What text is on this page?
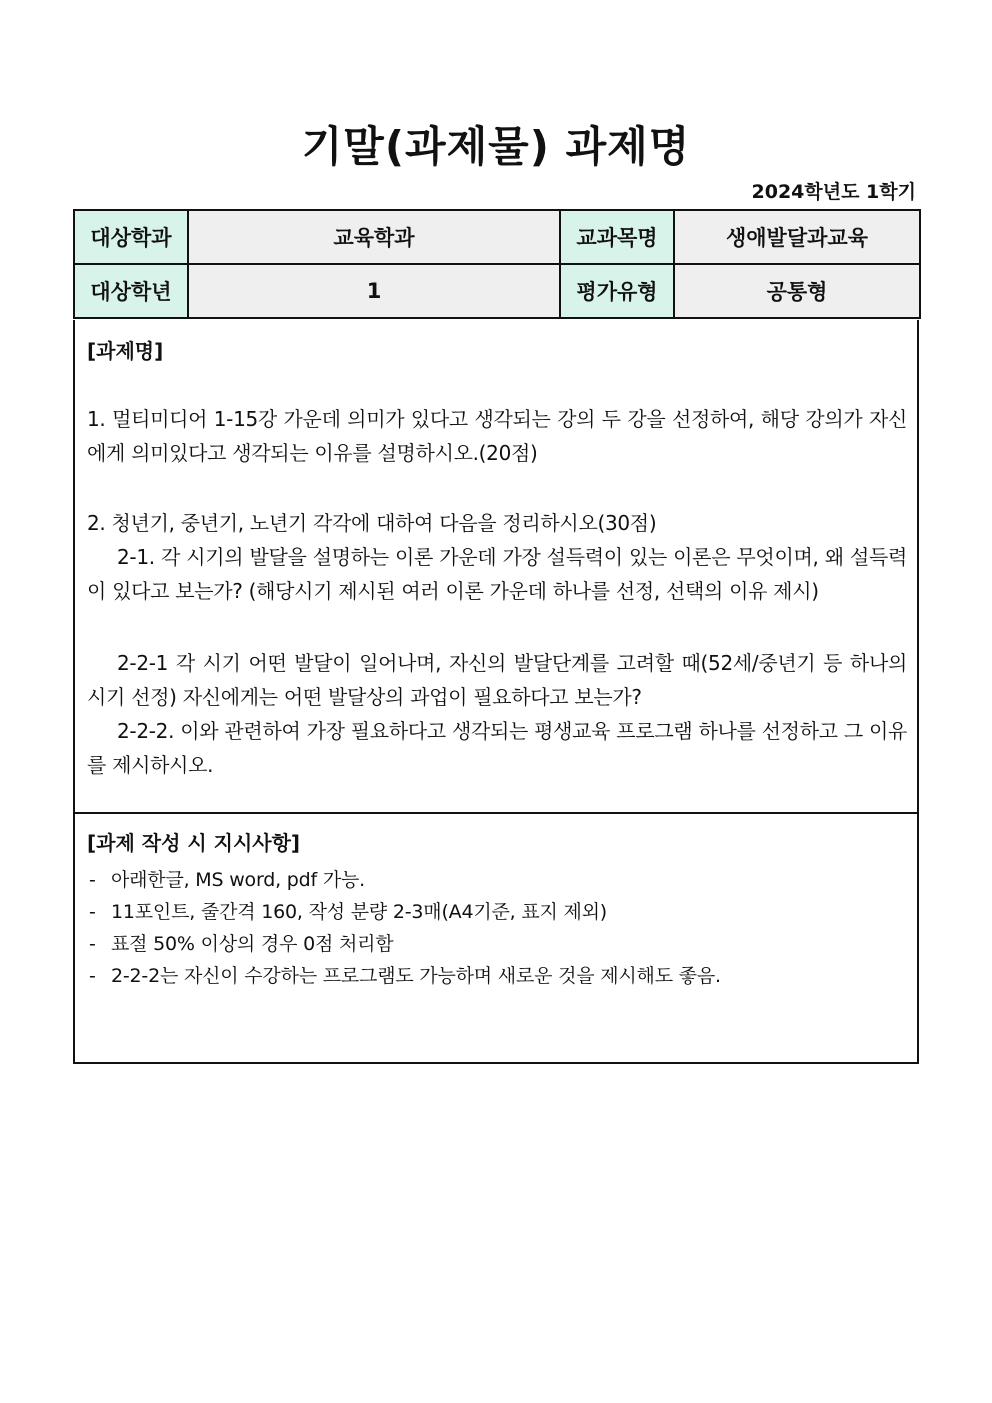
기말(과제물) 과제명
2024학년도 1학기
대상학과	교육학과	교과목명	생애발달과교육
대상학년	1	평가유형	공통형
[과제명]

1. 멀티미디어 1-15강 가운데 의미가 있다고 생각되는 강의 두 강을 선정하여, 해당 강의가 자신에게 의미있다고 생각되는 이유를 설명하시오.(20점)

2. 청년기, 중년기, 노년기 각각에 대하여 다음을 정리하시오(30점)

2-1. 각 시기의 발달을 설명하는 이론 가운데 가장 설득력이 있는 이론은 무엇이며, 왜 설득력이 있다고 보는가? (해당시기 제시된 여러 이론 가운데 하나를 선정, 선택의 이유 제시)

2-2-1 각 시기 어떤 발달이 일어나며, 자신의 발달단계를 고려할 때(52세/중년기 등 하나의 시기 선정) 자신에게는 어떤 발달상의 과업이 필요하다고 보는가?

2-2-2. 이와 관련하여 가장 필요하다고 생각되는 평생교육 프로그램 하나를 선정하고 그 이유를 제시하시오.

[과제 작성 시 지시사항]
- 아래한글, MS word, pdf 가능.
- 11포인트, 줄간격 160, 작성 분량 2-3매(A4기준, 표지 제외)
- 표절 50% 이상의 경우 0점 처리함
- 2-2-2는 자신이 수강하는 프로그램도 가능하며 새로운 것을 제시해도 좋음.
